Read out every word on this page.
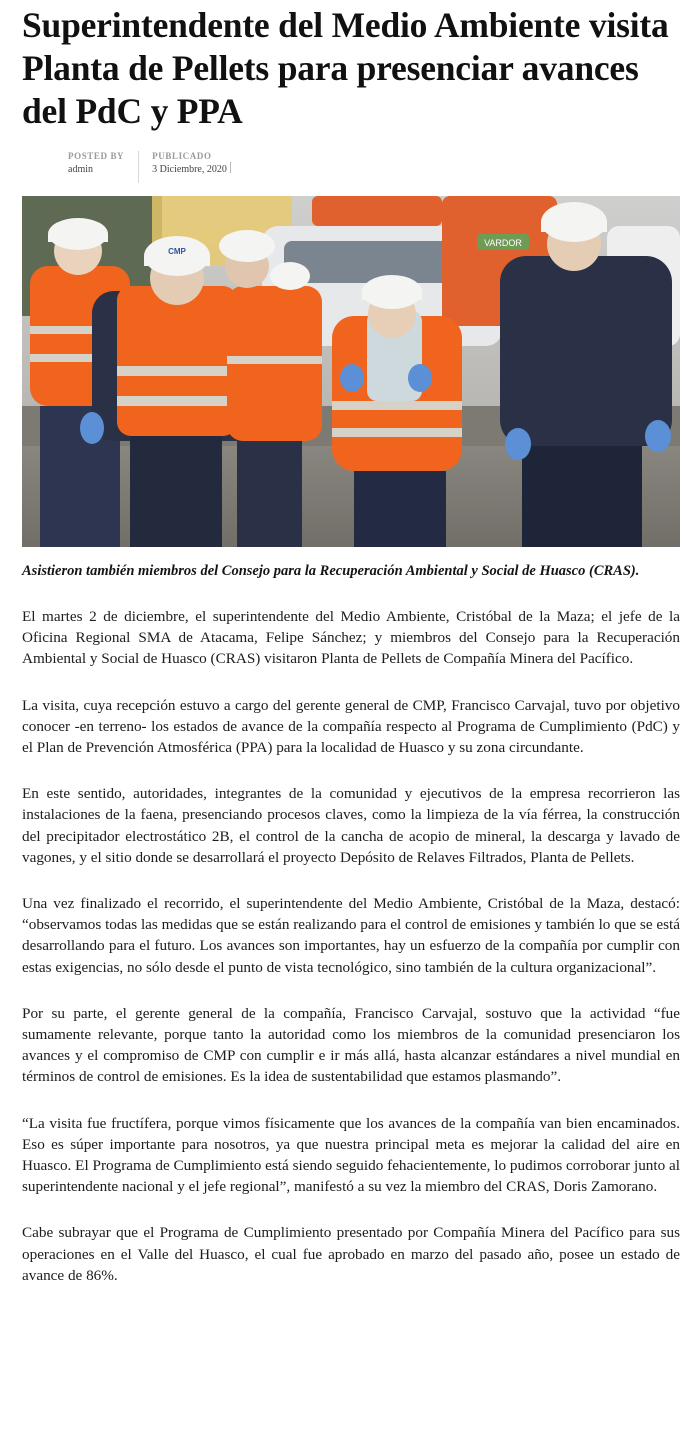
Superintendente del Medio Ambiente visita Planta de Pellets para presenciar avances del PdC y PPA
POSTED BY
admin
PUBLICADO
3 Diciembre, 2020
VARDOR
CMP

Asistieron también miembros del Consejo para la Recuperación Ambiental y Social de Huasco (CRAS).

El martes 2 de diciembre, el superintendente del Medio Ambiente, Cristóbal de la Maza; el jefe de la Oficina Regional SMA de Atacama, Felipe Sánchez; y miembros del Consejo para la Recuperación Ambiental y Social de Huasco (CRAS) visitaron Planta de Pellets de Compañía Minera del Pacífico.

La visita, cuya recepción estuvo a cargo del gerente general de CMP, Francisco Carvajal, tuvo por objetivo conocer -en terreno- los estados de avance de la compañía respecto al Programa de Cumplimiento (PdC) y el Plan de Prevención Atmosférica (PPA) para la localidad de Huasco y su zona circundante.

En este sentido, autoridades, integrantes de la comunidad y ejecutivos de la empresa recorrieron las instalaciones de la faena, presenciando procesos claves, como la limpieza de la vía férrea, la construcción del precipitador electrostático 2B, el control de la cancha de acopio de mineral, la descarga y lavado de vagones, y el sitio donde se desarrollará el proyecto Depósito de Relaves Filtrados, Planta de Pellets.

Una vez finalizado el recorrido, el superintendente del Medio Ambiente, Cristóbal de la Maza, destacó: “observamos todas las medidas que se están realizando para el control de emisiones y también lo que se está desarrollando para el futuro. Los avances son importantes, hay un esfuerzo de la compañía por cumplir con estas exigencias, no sólo desde el punto de vista tecnológico, sino también de la cultura organizacional”.

Por su parte, el gerente general de la compañía, Francisco Carvajal, sostuvo que la actividad “fue sumamente relevante, porque tanto la autoridad como los miembros de la comunidad presenciaron los avances y el compromiso de CMP con cumplir e ir más allá, hasta alcanzar estándares a nivel mundial en términos de control de emisiones. Es la idea de sustentabilidad que estamos plasmando”.

“La visita fue fructífera, porque vimos físicamente que los avances de la compañía van bien encaminados. Eso es súper importante para nosotros, ya que nuestra principal meta es mejorar la calidad del aire en Huasco. El Programa de Cumplimiento está siendo seguido fehacientemente, lo pudimos corroborar junto al superintendente nacional y el jefe regional”, manifestó a su vez la miembro del CRAS, Doris Zamorano.

Cabe subrayar que el Programa de Cumplimiento presentado por Compañía Minera del Pacífico para sus operaciones en el Valle del Huasco, el cual fue aprobado en marzo del pasado año, posee un estado de avance de 86%.
